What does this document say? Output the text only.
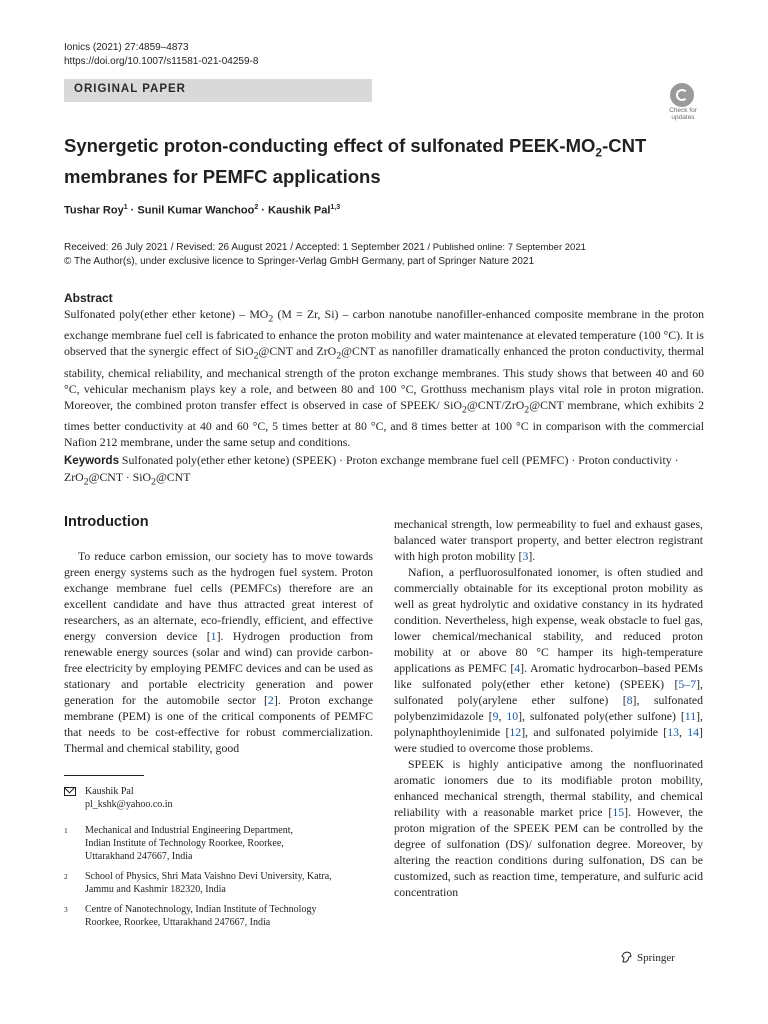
Ionics (2021) 27:4859–4873
https://doi.org/10.1007/s11581-021-04259-8
ORIGINAL PAPER
Check for
updates
Synergetic proton-conducting effect of sulfonated PEEK-$MO_2$-CNT
membranes for PEMFC applications
Tushar Roy$^1$ · Sunil Kumar Wanchoo$^2$ · Kaushik Pal$^{1,3}$
Received: 26 July 2021 / Revised: 26 August 2021 / Accepted: 1 September 2021 / Published online: 7 September 2021
© The Author(s), under exclusive licence to Springer-Verlag GmbH Germany, part of Springer Nature 2021
Abstract
Sulfonated poly(ether ether ketone) – $MO_2$ (M = Zr, Si) – carbon nanotube nanofiller-enhanced composite membrane in the proton exchange membrane fuel cell is fabricated to enhance the proton mobility and water maintenance at elevated temperature (100 °C). It is observed that the synergic effect of SiO$_2$@CNT and ZrO$_2$@CNT as nanofiller dramatically enhanced the proton conductivity, thermal stability, chemical reliability, and mechanical strength of the proton exchange membranes. This study shows that between 40 and 60 °C, vehicular mechanism plays key a role, and between 80 and 100 °C, Grotthuss mechanism plays vital role in proton migration. Moreover, the combined proton transfer effect is observed in case of SPEEK/ SiO$_2$@CNT/ZrO$_2$@CNT membrane, which exhibits 2 times better conductivity at 40 and 60 °C, 5 times better at 80 °C, and 8 times better at 100 °C in comparison with the commercial Nafion 212 membrane, under the same setup and conditions.
Keywords Sulfonated poly(ether ether ketone) (SPEEK) · Proton exchange membrane fuel cell (PEMFC) · Proton conductivity · ZrO$_2$@CNT · SiO$_2$@CNT
Introduction

To reduce carbon emission, our society has to move towards green energy systems such as the hydrogen fuel system. Proton exchange membrane fuel cells (PEMFCs) therefore are an excellent candidate and have thus attracted great interest of researchers, as an alternate, eco-friendly, efficient, and effective energy conversion device [1]. Hydrogen production from renewable energy sources (solar and wind) can provide carbon-free electricity by employing PEMFC devices and can be used as stationary and portable electricity generation and power generation for the automobile sector [2]. Proton exchange membrane (PEM) is one of the critical components of PEMFC that needs to be cost-effective for robust commercialization. Thermal and chemical stability, good

mechanical strength, low permeability to fuel and exhaust gases, balanced water transport property, and better electron registrant with high proton mobility [3].

Nafion, a perfluorosulfonated ionomer, is often studied and commercially obtainable for its exceptional proton mobility as well as great hydrolytic and oxidative constancy in its hydrated condition. Nevertheless, high expense, weak obstacle to fuel gas, lower chemical/mechanical stability, and reduced proton mobility at or above 80 °C hamper its high-temperature applications as PEMFC [4]. Aromatic hydrocarbon–based PEMs like sulfonated poly(ether ether ketone) (SPEEK) [5–7], sulfonated poly(arylene ether sulfone) [8], sulfonated polybenzimidazole [9, 10], sulfonated poly(ether sulfone) [11], polynaphthoylenimide [12], and sulfonated polyimide [13, 14] were studied to overcome those problems.

SPEEK is highly anticipative among the nonfluorinated aromatic ionomers due to its modifiable proton mobility, enhanced mechanical strength, thermal stability, and chemical reliability with a reasonable market price [15]. However, the proton migration of the SPEEK PEM can be controlled by the degree of sulfonation (DS)/ sulfonation degree. Moreover, by altering the reaction conditions during sulfonation, DS can be customized, such as reaction time, temperature, and sulfuric acid concentration

Kaushik Pal
pl_kshk@yahoo.co.in
1 Mechanical and Industrial Engineering Department,
Indian Institute of Technology Roorkee, Roorkee,
Uttarakhand 247667, India
2 School of Physics, Shri Mata Vaishno Devi University, Katra,
Jammu and Kashmir 182320, India
3 Centre of Nanotechnology, Indian Institute of Technology
Roorkee, Roorkee, Uttarakhand 247667, India
Springer
